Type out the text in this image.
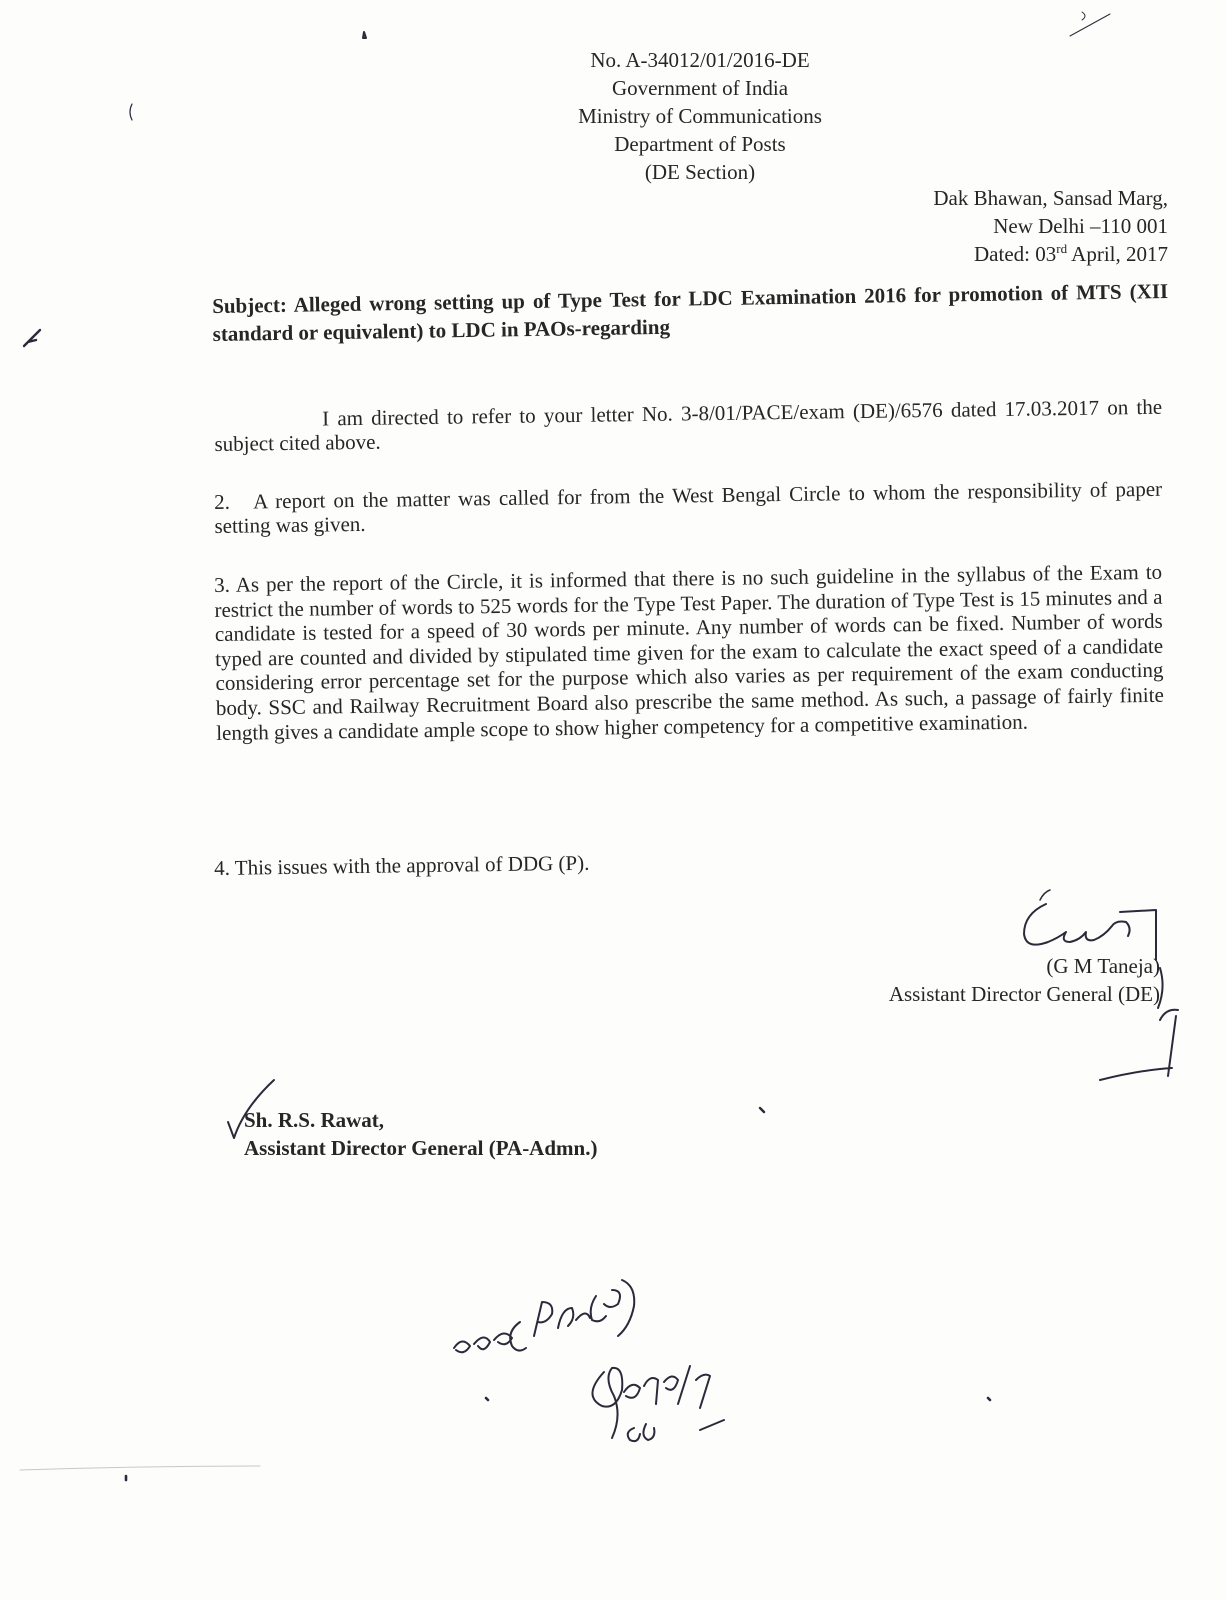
No. A-34012/01/2016-DE
Government of India
Ministry of Communications
Department of Posts
(DE Section)
Dak Bhawan, Sansad Marg,
New Delhi –110 001
Dated: 03rd April, 2017
Subject: Alleged wrong setting up of Type Test for LDC Examination 2016 for promotion of MTS (XII standard or equivalent) to LDC in PAOs-regarding
I am directed to refer to your letter No. 3-8/01/PACE/exam (DE)/6576 dated 17.03.2017 on the subject cited above.
2.   A report on the matter was called for from the West Bengal Circle to whom the responsibility of paper setting was given.
3. As per the report of the Circle, it is informed that there is no such guideline in the syllabus of the Exam to restrict the number of words to 525 words for the Type Test Paper. The duration of Type Test is 15 minutes and a candidate is tested for a speed of 30 words per minute. Any number of words can be fixed. Number of words typed are counted and divided by stipulated time given for the exam to calculate the exact speed of a candidate considering error percentage set for the purpose which also varies as per requirement of the exam conducting body. SSC and Railway Recruitment Board also prescribe the same method. As such, a passage of fairly finite length gives a candidate ample scope to show higher competency for a competitive examination.
4. This issues with the approval of DDG (P).
(G M Taneja)
Assistant Director General (DE)
Sh. R.S. Rawat,
Assistant Director General (PA-Admn.)
